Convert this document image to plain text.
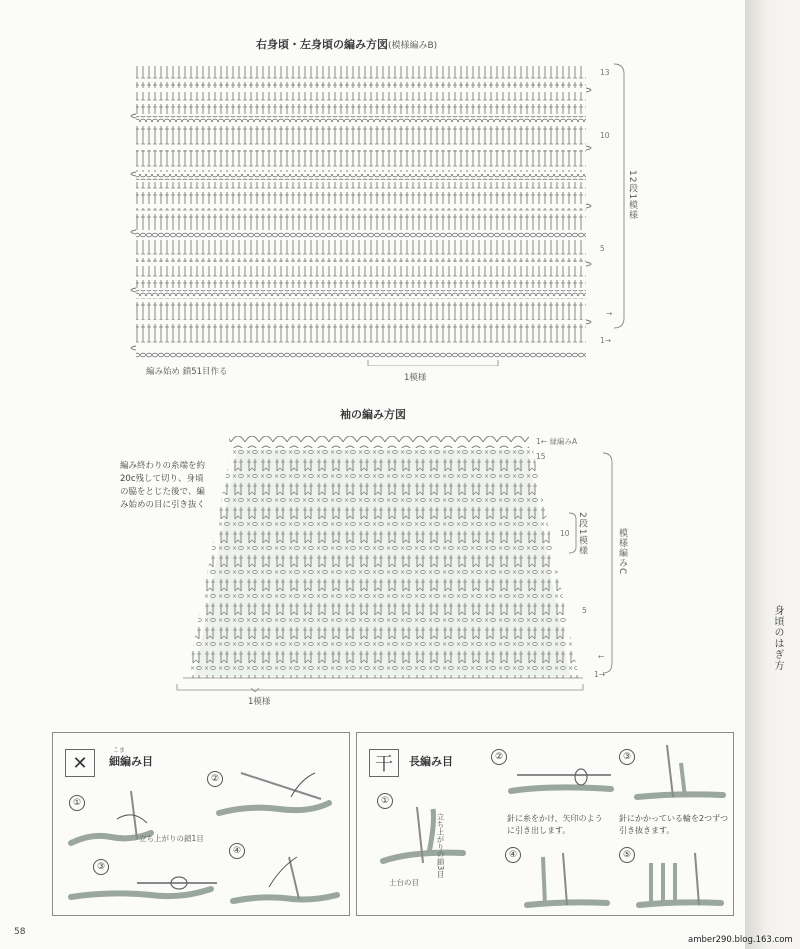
右身頃・左身頃の編み方図(模様編みB)
13
10
5
→
1→
12段1模様
編み始め 鎖51目作る
1模様
袖の編み方図
1← 縁編みA
15
10
5
←
1→
2段1模様	模様編みC
編み終わりの糸端を約20c残して切り、身頃の脇をとじた後で、編み始めの目に引き抜く
1模様
✕
こま
細編み目
①
②
③
④
立ち上がりの鎖1目
干	長編み目
①
②	③
④	⑤
立ち上がりの鎖3目
土台の目
針に糸をかけ、矢印のように引き出します。
針にかかっている輪を2つずつ引き抜きます。
身頃のはぎ方
58
amber290.blog.163.com
